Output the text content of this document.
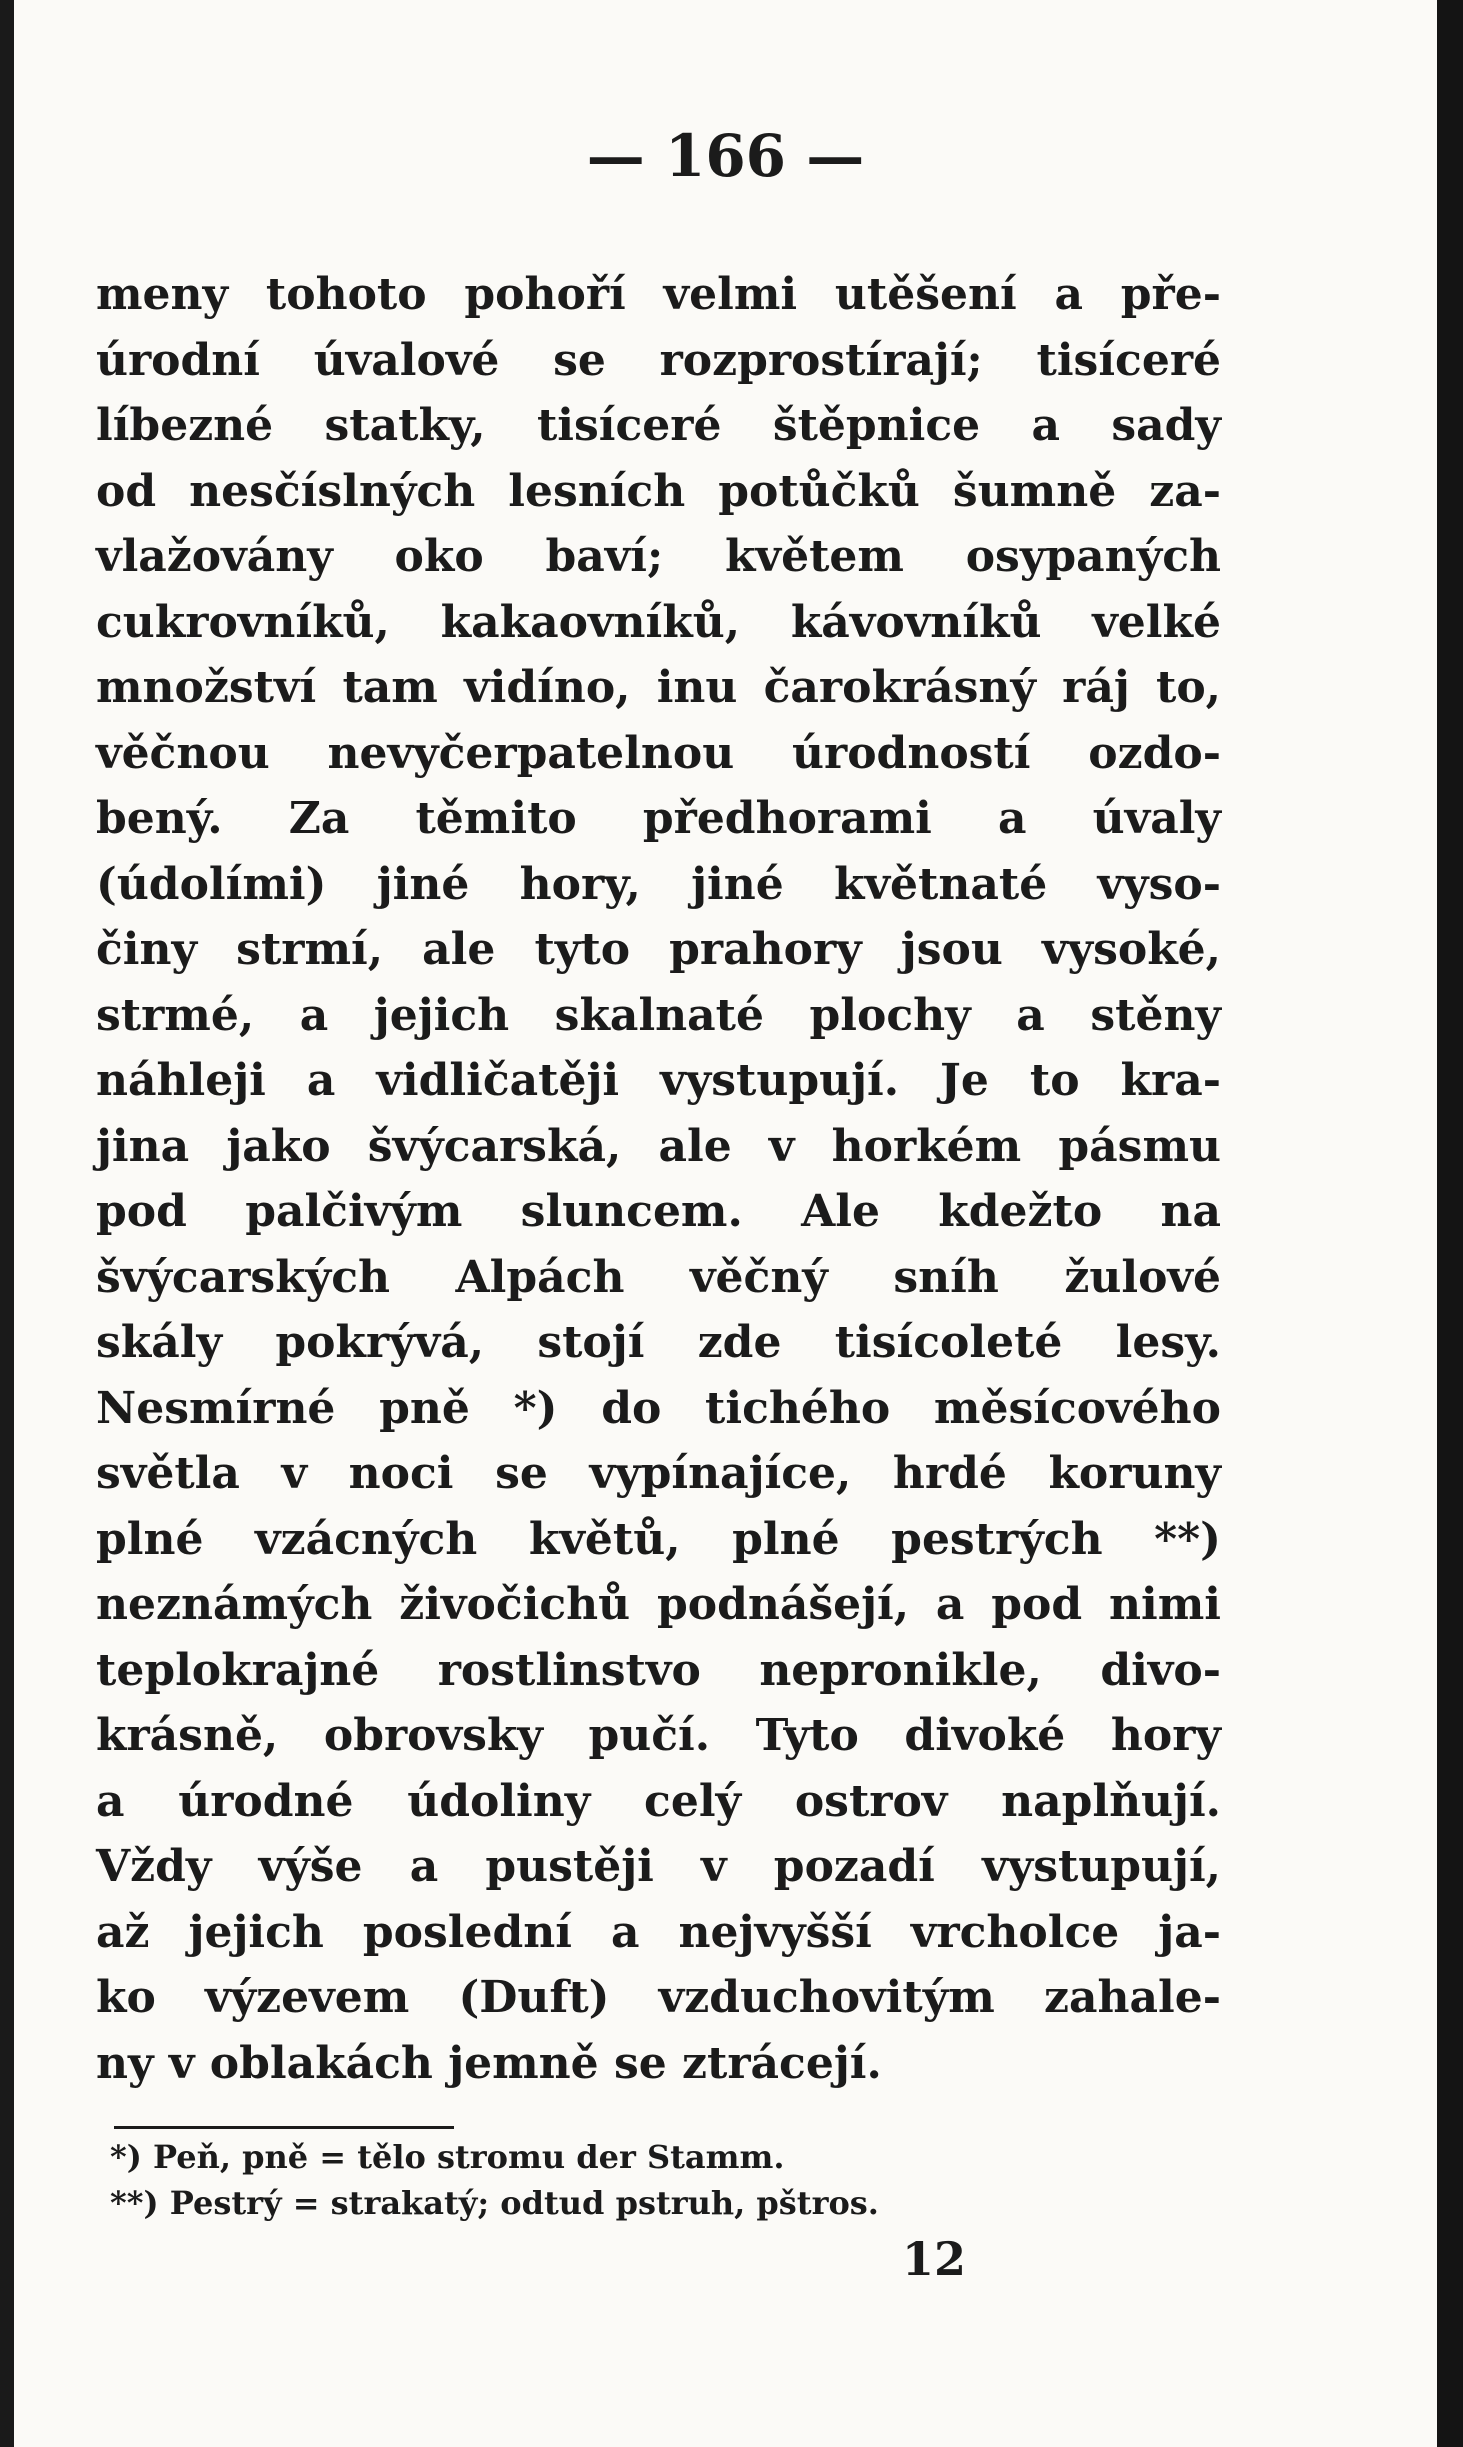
— 166 —

meny tohoto pohoří velmi utěšení a pře-
úrodní úvalové se rozprostírají; tisíceré
líbezné statky, tisíceré štěpnice a sady
od nesčíslných lesních potůčků šumně za-
vlažovány oko baví; květem osypaných
cukrovníků, kakaovníků, kávovníků velké
množství tam vidíno, inu čarokrásný ráj to,
věčnou nevyčerpatelnou úrodností ozdo-
bený. Za těmito předhorami a úvaly
(údolími) jiné hory, jiné květnaté vyso-
činy strmí, ale tyto prahory jsou vysoké,
strmé, a jejich skalnaté plochy a stěny
náhleji a vidličatěji vystupují. Je to kra-
jina jako švýcarská, ale v horkém pásmu
pod palčivým sluncem. Ale kdežto na
švýcarských Alpách věčný sníh žulové
skály pokrývá, stojí zde tisícoleté lesy.
Nesmírné pně *) do tichého měsícového
světla v noci se vypínajíce, hrdé koruny
plné vzácných květů, plné pestrých **)
neznámých živočichů podnášejí, a pod nimi
teplokrajné rostlinstvo nepronikle, divo-
krásně, obrovsky pučí. Tyto divoké hory
a úrodné údoliny celý ostrov naplňují.
Vždy výše a pustěji v pozadí vystupují,
až jejich poslední a nejvyšší vrcholce ja-
ko výzevem (Duft) vzduchovitým zahale-
ny v oblakách jemně se ztrácejí.
*) Peň, pně = tělo stromu der Stamm.
**) Pestrý = strakatý; odtud pstruh, pštros.
12
